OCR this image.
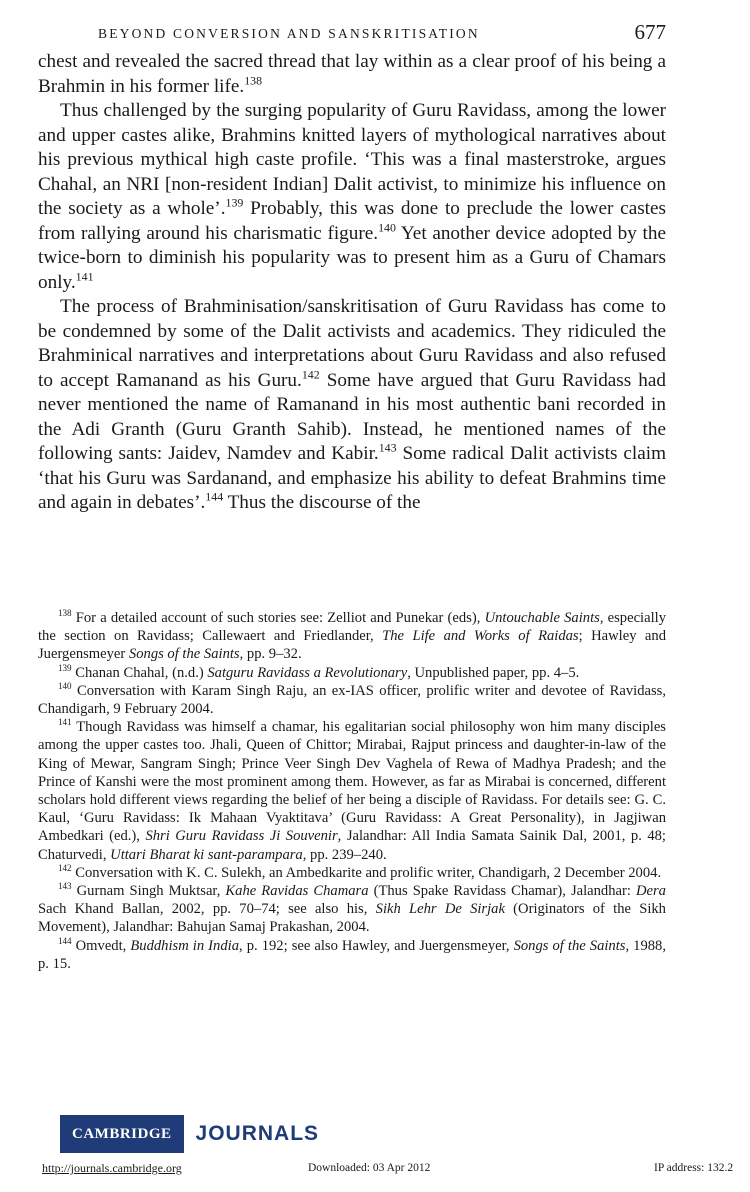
BEYOND CONVERSION AND SANSKRITISATION	677

chest and revealed the sacred thread that lay within as a clear proof of his being a Brahmin in his former life.$^{138}$

Thus challenged by the surging popularity of Guru Ravidass, among the lower and upper castes alike, Brahmins knitted layers of mythological narratives about his previous mythical high caste profile. ‘This was a final masterstroke, argues Chahal, an NRI [non-resident Indian] Dalit activist, to minimize his influence on the society as a whole’.$^{139}$ Probably, this was done to preclude the lower castes from rallying around his charismatic figure.$^{140}$ Yet another device adopted by the twice-born to diminish his popularity was to present him as a Guru of Chamars only.$^{141}$

The process of Brahminisation/sanskritisation of Guru Ravidass has come to be condemned by some of the Dalit activists and academics. They ridiculed the Brahminical narratives and interpretations about Guru Ravidass and also refused to accept Ramanand as his Guru.$^{142}$ Some have argued that Guru Ravidass had never mentioned the name of Ramanand in his most authentic bani recorded in the Adi Granth (Guru Granth Sahib). Instead, he mentioned names of the following sants: Jaidev, Namdev and Kabir.$^{143}$ Some radical Dalit activists claim ‘that his Guru was Sardanand, and emphasize his ability to defeat Brahmins time and again in debates’.$^{144}$ Thus the discourse of the

$^{138}$ For a detailed account of such stories see: Zelliot and Punekar (eds), Untouchable Saints, especially the section on Ravidass; Callewaert and Friedlander, The Life and Works of Raidas; Hawley and Juergensmeyer Songs of the Saints, pp. 9–32.

$^{139}$ Chanan Chahal, (n.d.) Satguru Ravidass a Revolutionary, Unpublished paper, pp. 4–5.

$^{140}$ Conversation with Karam Singh Raju, an ex-IAS officer, prolific writer and devotee of Ravidass, Chandigarh, 9 February 2004.

$^{141}$ Though Ravidass was himself a chamar, his egalitarian social philosophy won him many disciples among the upper castes too. Jhali, Queen of Chittor; Mirabai, Rajput princess and daughter-in-law of the King of Mewar, Sangram Singh; Prince Veer Singh Dev Vaghela of Rewa of Madhya Pradesh; and the Prince of Kanshi were the most prominent among them. However, as far as Mirabai is concerned, different scholars hold different views regarding the belief of her being a disciple of Ravidass. For details see: G. C. Kaul, ‘Guru Ravidass: Ik Mahaan Vyaktitava’ (Guru Ravidass: A Great Personality), in Jagjiwan Ambedkari (ed.), Shri Guru Ravidass Ji Souvenir, Jalandhar: All India Samata Sainik Dal, 2001, p. 48; Chaturvedi, Uttari Bharat ki sant-parampara, pp. 239–240.

$^{142}$ Conversation with K. C. Sulekh, an Ambedkarite and prolific writer, Chandigarh, 2 December 2004.

$^{143}$ Gurnam Singh Muktsar, Kahe Ravidas Chamara (Thus Spake Ravidass Chamar), Jalandhar: Dera Sach Khand Ballan, 2002, pp. 70–74; see also his, Sikh Lehr De Sirjak (Originators of the Sikh Movement), Jalandhar: Bahujan Samaj Prakashan, 2004.

$^{144}$ Omvedt, Buddhism in India, p. 192; see also Hawley, and Juergensmeyer, Songs of the Saints, 1988, p. 15.

CAMBRIDGE	JOURNALS
http://journals.cambridge.org	Downloaded: 03 Apr 2012	IP address: 132.2
